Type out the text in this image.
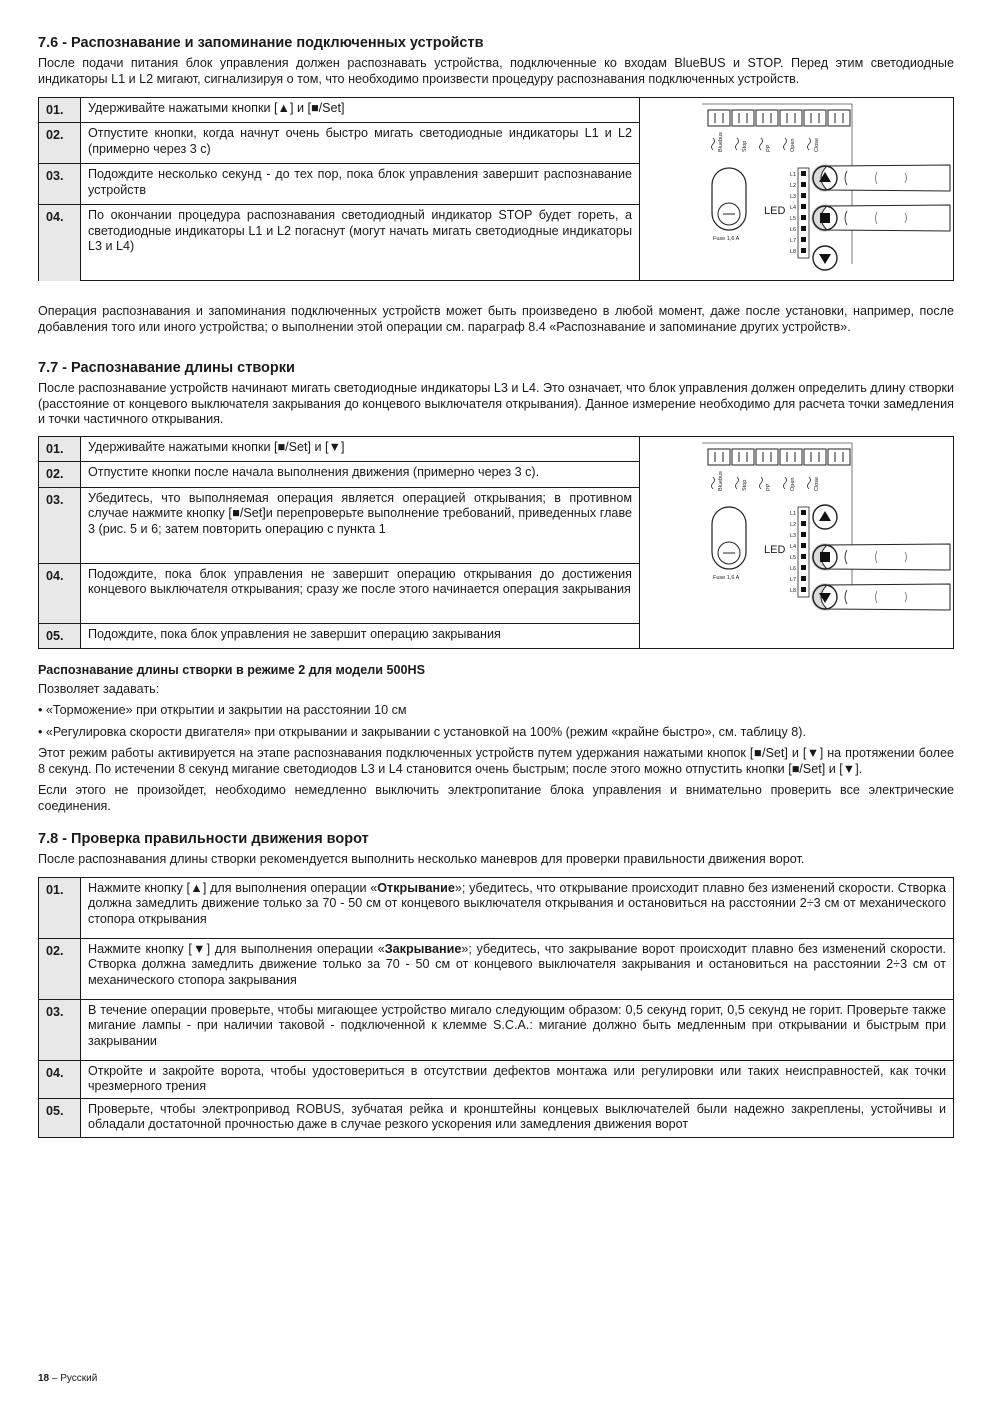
7.6 - Распознавание и запоминание подключенных устройств

После подачи питания блок управления должен распознавать устройства, подключенные ко входам BlueBUS и STOP. Перед этим светодиодные индикаторы L1 и L2 мигают, сигнализируя о том, что необходимо произвести процедуру распознавания подключенных устройств.

01.	Удерживайте нажатыми кнопки [▲] и [■/Set]
02.	Отпустите кнопки, когда начнут очень быстро мигать светодиодные индикаторы L1 и L2 (примерно через 3 с)
03.	Подождите несколько секунд - до тех пор, пока блок управления завершит распознавание устройств
04.	По окончании процедура распознавания светодиодный индикатор STOP будет гореть, а светодиодные индикаторы L1 и L2 погаснут (могут начать мигать светодиодные индикаторы L3 и L4)
Bluebus	Stop	PP	Open	Close
Fuse 1,6 A
L1
L2
L3
L4
L5
L6
L7
L8
LED

Операция распознавания и запоминания подключенных устройств может быть произведено в любой момент, даже после установки, например, после добавления того или иного устройства; о выполнении этой операции см. параграф 8.4 «Распознавание и запоминание других устройств».

7.7 - Распознавание длины створки

После распознавание устройств начинают мигать светодиодные индикаторы L3 и L4. Это означает, что блок управления должен определить длину створки (расстояние от концевого выключателя закрывания до концевого выключателя открывания). Данное измерение необходимо для расчета точки замедления и точки частичного открывания.

01.	Удерживайте нажатыми кнопки [■/Set] и [▼]
02.	Отпустите кнопки после начала выполнения движения (примерно через 3 с).
03.	Убедитесь, что выполняемая операция является операцией открывания; в противном случае нажмите кнопку [■/Set]и перепроверьте выполнение требований, приведенных главе 3 (рис. 5 и 6; затем повторить операцию с пункта 1
04.	Подождите, пока блок управления не завершит операцию открывания до достижения концевого выключателя открывания; сразу же после этого начинается операция закрывания
05.	Подождите, пока блок управления не завершит операцию закрывания
Bluebus	Stop	PP	Open	Close
Fuse 1,6 A
L1
L2
L3
L4
L5
L6
L7
L8
LED
Распознавание длины створки в режиме 2 для модели 500HS

Позволяет задавать:

• «Торможение» при открытии и закрытии на расстоянии 10 см
• «Регулировка скорости двигателя» при открывании и закрывании с установкой на 100% (режим «крайне быстро», см. таблицу 8).

Этот режим работы активируется на этапе распознавания подключенных устройств путем удержания нажатыми кнопок [■/Set] и [▼] на протяжении более 8 секунд. По истечении 8 секунд мигание светодиодов L3 и L4 становится очень быстрым; после этого можно отпустить кнопки [■/Set] и [▼].

Если этого не произойдет, необходимо немедленно выключить электропитание блока управления и внимательно проверить все электрические соединения.

7.8 - Проверка правильности движения ворот

После распознавания длины створки рекомендуется выполнить несколько маневров для проверки правильности движения ворот.

01.	Нажмите кнопку [▲] для выполнения операции «Открывание»; убедитесь, что открывание происходит плавно без изменений скорости. Створка должна замедлить движение только за 70 - 50 см от концевого выключателя открывания и остановиться на расстоянии 2÷3 см от механического стопора открывания
02.	Нажмите кнопку [▼] для выполнения операции «Закрывание»; убедитесь, что закрывание ворот происходит плавно без изменений скорости. Створка должна замедлить движение только за 70 - 50 см от концевого выключателя закрывания и остановиться на расстоянии 2÷3 см от механического стопора закрывания
03.	В течение операции проверьте, чтобы мигающее устройство мигало следующим образом: 0,5 секунд горит, 0,5 секунд не горит. Проверьте также мигание лампы - при наличии таковой - подключенной к клемме S.C.A.: мигание должно быть медленным при открывании и быстрым при закрывании
04.	Откройте и закройте ворота, чтобы удостовериться в отсутствии дефектов монтажа или регулировки или таких неисправностей, как точки чрезмерного трения
05.	Проверьте, чтобы электропривод ROBUS, зубчатая рейка и кронштейны концевых выключателей были надежно закреплены, устойчивы и обладали достаточной прочностью даже в случае резкого ускорения или замедления движения ворот
18 – Русский
